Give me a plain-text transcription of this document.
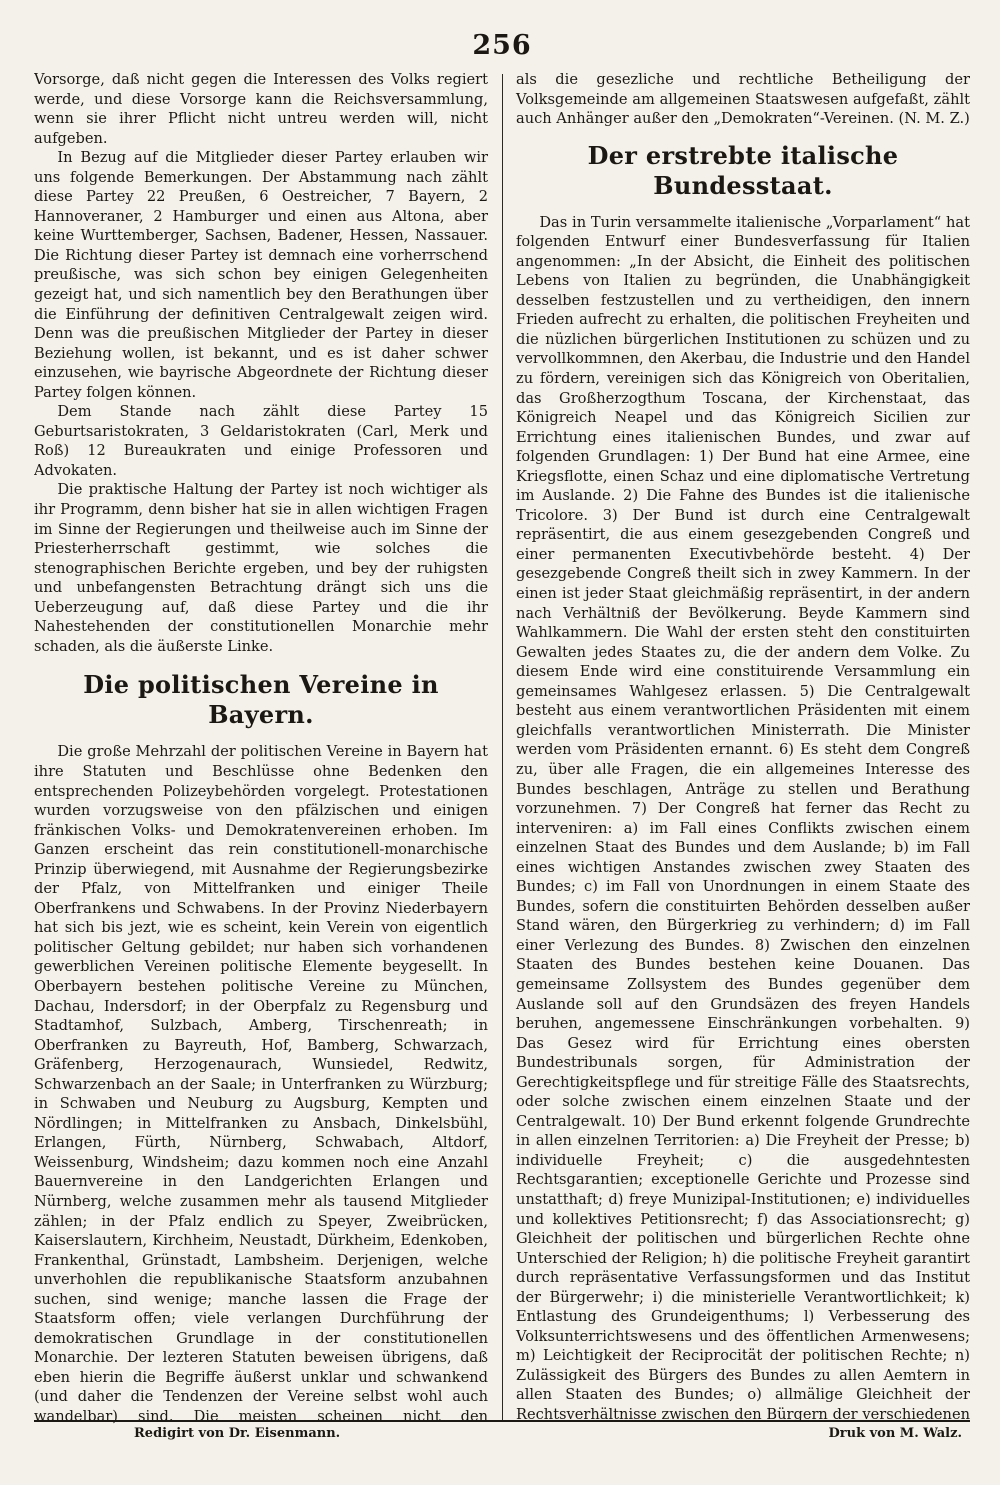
256

Vorsorge, daß nicht gegen die Interessen des Volks regiert werde, und diese Vorsorge kann die Reichsversammlung, wenn sie ihrer Pflicht nicht untreu werden will, nicht aufgeben.

In Bezug auf die Mitglieder dieser Partey erlauben wir uns folgende Bemerkungen. Der Abstammung nach zählt diese Partey 22 Preußen, 6 Oestreicher, 7 Bayern, 2 Hannoveraner, 2 Hamburger und einen aus Altona, aber keine Wurttemberger, Sachsen, Badener, Hessen, Nassauer. Die Richtung dieser Partey ist demnach eine vorherrschend preußische, was sich schon bey einigen Gelegenheiten gezeigt hat, und sich namentlich bey den Berathungen über die Einführung der definitiven Centralgewalt zeigen wird. Denn was die preußischen Mitglieder der Partey in dieser Beziehung wollen, ist bekannt, und es ist daher schwer einzusehen, wie bayrische Abgeordnete der Richtung dieser Partey folgen können.

Dem Stande nach zählt diese Partey 15 Geburtsaristokraten, 3 Geldaristokraten (Carl, Merk und Roß) 12 Bureaukraten und einige Professoren und Advokaten.

Die praktische Haltung der Partey ist noch wichtiger als ihr Programm, denn bisher hat sie in allen wichtigen Fragen im Sinne der Regierungen und theilweise auch im Sinne der Priesterherrschaft gestimmt, wie solches die stenographischen Berichte ergeben, und bey der ruhigsten und unbefangensten Betrachtung drängt sich uns die Ueberzeugung auf, daß diese Partey und die ihr Nahestehenden der constitutionellen Monarchie mehr schaden, als die äußerste Linke.

Die politischen Vereine in Bayern.

Die große Mehrzahl der politischen Vereine in Bayern hat ihre Statuten und Beschlüsse ohne Bedenken den entsprechenden Polizeybehörden vorgelegt. Protestationen wurden vorzugsweise von den pfälzischen und einigen fränkischen Volks- und Demokratenvereinen erhoben. Im Ganzen erscheint das rein constitutionell-monarchische Prinzip überwiegend, mit Ausnahme der Regierungsbezirke der Pfalz, von Mittelfranken und einiger Theile Oberfrankens und Schwabens. In der Provinz Niederbayern hat sich bis jezt, wie es scheint, kein Verein von eigentlich politischer Geltung gebildet; nur haben sich vorhandenen gewerblichen Vereinen politische Elemente beygesellt. In Oberbayern bestehen politische Vereine zu München, Dachau, Indersdorf; in der Oberpfalz zu Regensburg und Stadtamhof, Sulzbach, Amberg, Tirschenreath; in Oberfranken zu Bayreuth, Hof, Bamberg, Schwarzach, Gräfenberg, Herzogenaurach, Wunsiedel, Redwitz, Schwarzenbach an der Saale; in Unterfranken zu Würzburg; in Schwaben und Neuburg zu Augsburg, Kempten und Nördlingen; in Mittelfranken zu Ansbach, Dinkelsbühl, Erlangen, Fürth, Nürnberg, Schwabach, Altdorf, Weissenburg, Windsheim; dazu kommen noch eine Anzahl Bauernvereine in den Landgerichten Erlangen und Nürnberg, welche zusammen mehr als tausend Mitglieder zählen; in der Pfalz endlich zu Speyer, Zweibrücken, Kaiserslautern, Kirchheim, Neustadt, Dürkheim, Edenkoben, Frankenthal, Grünstadt, Lambsheim. Derjenigen, welche unverhohlen die republikanische Staatsform anzubahnen suchen, sind wenige; manche lassen die Frage der Staatsform offen; viele verlangen Durchführung der demokratischen Grundlage in der constitutionellen Monarchie. Der lezteren Statuten beweisen übrigens, daß eben hierin die Begriffe äußerst unklar und schwankend (und daher die Tendenzen der Vereine selbst wohl auch wandelbar) sind. Die meisten scheinen nicht den

als die gesezliche und rechtliche Betheiligung der Volksgemeinde am allgemeinen Staatswesen aufgefaßt, zählt auch Anhänger außer den „Demokraten“-Vereinen. (N. M. Z.)

Der erstrebte italische Bundesstaat.

Das in Turin versammelte italienische „Vorparlament“ hat folgenden Entwurf einer Bundesverfassung für Italien angenommen: „In der Absicht, die Einheit des politischen Lebens von Italien zu begründen, die Unabhängigkeit desselben festzustellen und zu vertheidigen, den innern Frieden aufrecht zu erhalten, die politischen Freyheiten und die nüzlichen bürgerlichen Institutionen zu schüzen und zu vervollkommnen, den Akerbau, die Industrie und den Handel zu fördern, vereinigen sich das Königreich von Oberitalien, das Großherzogthum Toscana, der Kirchenstaat, das Königreich Neapel und das Königreich Sicilien zur Errichtung eines italienischen Bundes, und zwar auf folgenden Grundlagen: 1) Der Bund hat eine Armee, eine Kriegsflotte, einen Schaz und eine diplomatische Vertretung im Auslande. 2) Die Fahne des Bundes ist die italienische Tricolore. 3) Der Bund ist durch eine Centralgewalt repräsentirt, die aus einem gesezgebenden Congreß und einer permanenten Executivbehörde besteht. 4) Der gesezgebende Congreß theilt sich in zwey Kammern. In der einen ist jeder Staat gleichmäßig repräsentirt, in der andern nach Verhältniß der Bevölkerung. Beyde Kammern sind Wahlkammern. Die Wahl der ersten steht den constituirten Gewalten jedes Staates zu, die der andern dem Volke. Zu diesem Ende wird eine constituirende Versammlung ein gemeinsames Wahlgesez erlassen. 5) Die Centralgewalt besteht aus einem verantwortlichen Präsidenten mit einem gleichfalls verantwortlichen Ministerrath. Die Minister werden vom Präsidenten ernannt. 6) Es steht dem Congreß zu, über alle Fragen, die ein allgemeines Interesse des Bundes beschlagen, Anträge zu stellen und Berathung vorzunehmen. 7) Der Congreß hat ferner das Recht zu interveniren: a) im Fall eines Conflikts zwischen einem einzelnen Staat des Bundes und dem Auslande; b) im Fall eines wichtigen Anstandes zwischen zwey Staaten des Bundes; c) im Fall von Unordnungen in einem Staate des Bundes, sofern die constituirten Behörden desselben außer Stand wären, den Bürgerkrieg zu verhindern; d) im Fall einer Verlezung des Bundes. 8) Zwischen den einzelnen Staaten des Bundes bestehen keine Douanen. Das gemeinsame Zollsystem des Bundes gegenüber dem Auslande soll auf den Grundsäzen des freyen Handels beruhen, angemessene Einschränkungen vorbehalten. 9) Das Gesez wird für Errichtung eines obersten Bundestribunals sorgen, für Administration der Gerechtigkeitspflege und für streitige Fälle des Staatsrechts, oder solche zwischen einem einzelnen Staate und der Centralgewalt. 10) Der Bund erkennt folgende Grundrechte in allen einzelnen Territorien: a) Die Freyheit der Presse; b) individuelle Freyheit; c) die ausgedehntesten Rechtsgarantien; exceptionelle Gerichte und Prozesse sind unstatthaft; d) freye Munizipal-Institutionen; e) individuelles und kollektives Petitionsrecht; f) das Associationsrecht; g) Gleichheit der politischen und bürgerlichen Rechte ohne Unterschied der Religion; h) die politische Freyheit garantirt durch repräsentative Verfassungsformen und das Institut der Bürgerwehr; i) die ministerielle Verantwortlichkeit; k) Entlastung des Grundeigenthums; l) Verbesserung des Volksunterrichtswesens und des öffentlichen Armenwesens; m) Leichtigkeit der Reciprocität der politischen Rechte; n) Zulässigkeit des Bürgers des Bundes zu allen Aemtern in allen Staaten des Bundes; o) allmälige Gleichheit der Rechtsverhältnisse zwischen den Bürgern der verschiedenen

Redigirt von Dr. Eisenmann.	Druk von M. Walz.
